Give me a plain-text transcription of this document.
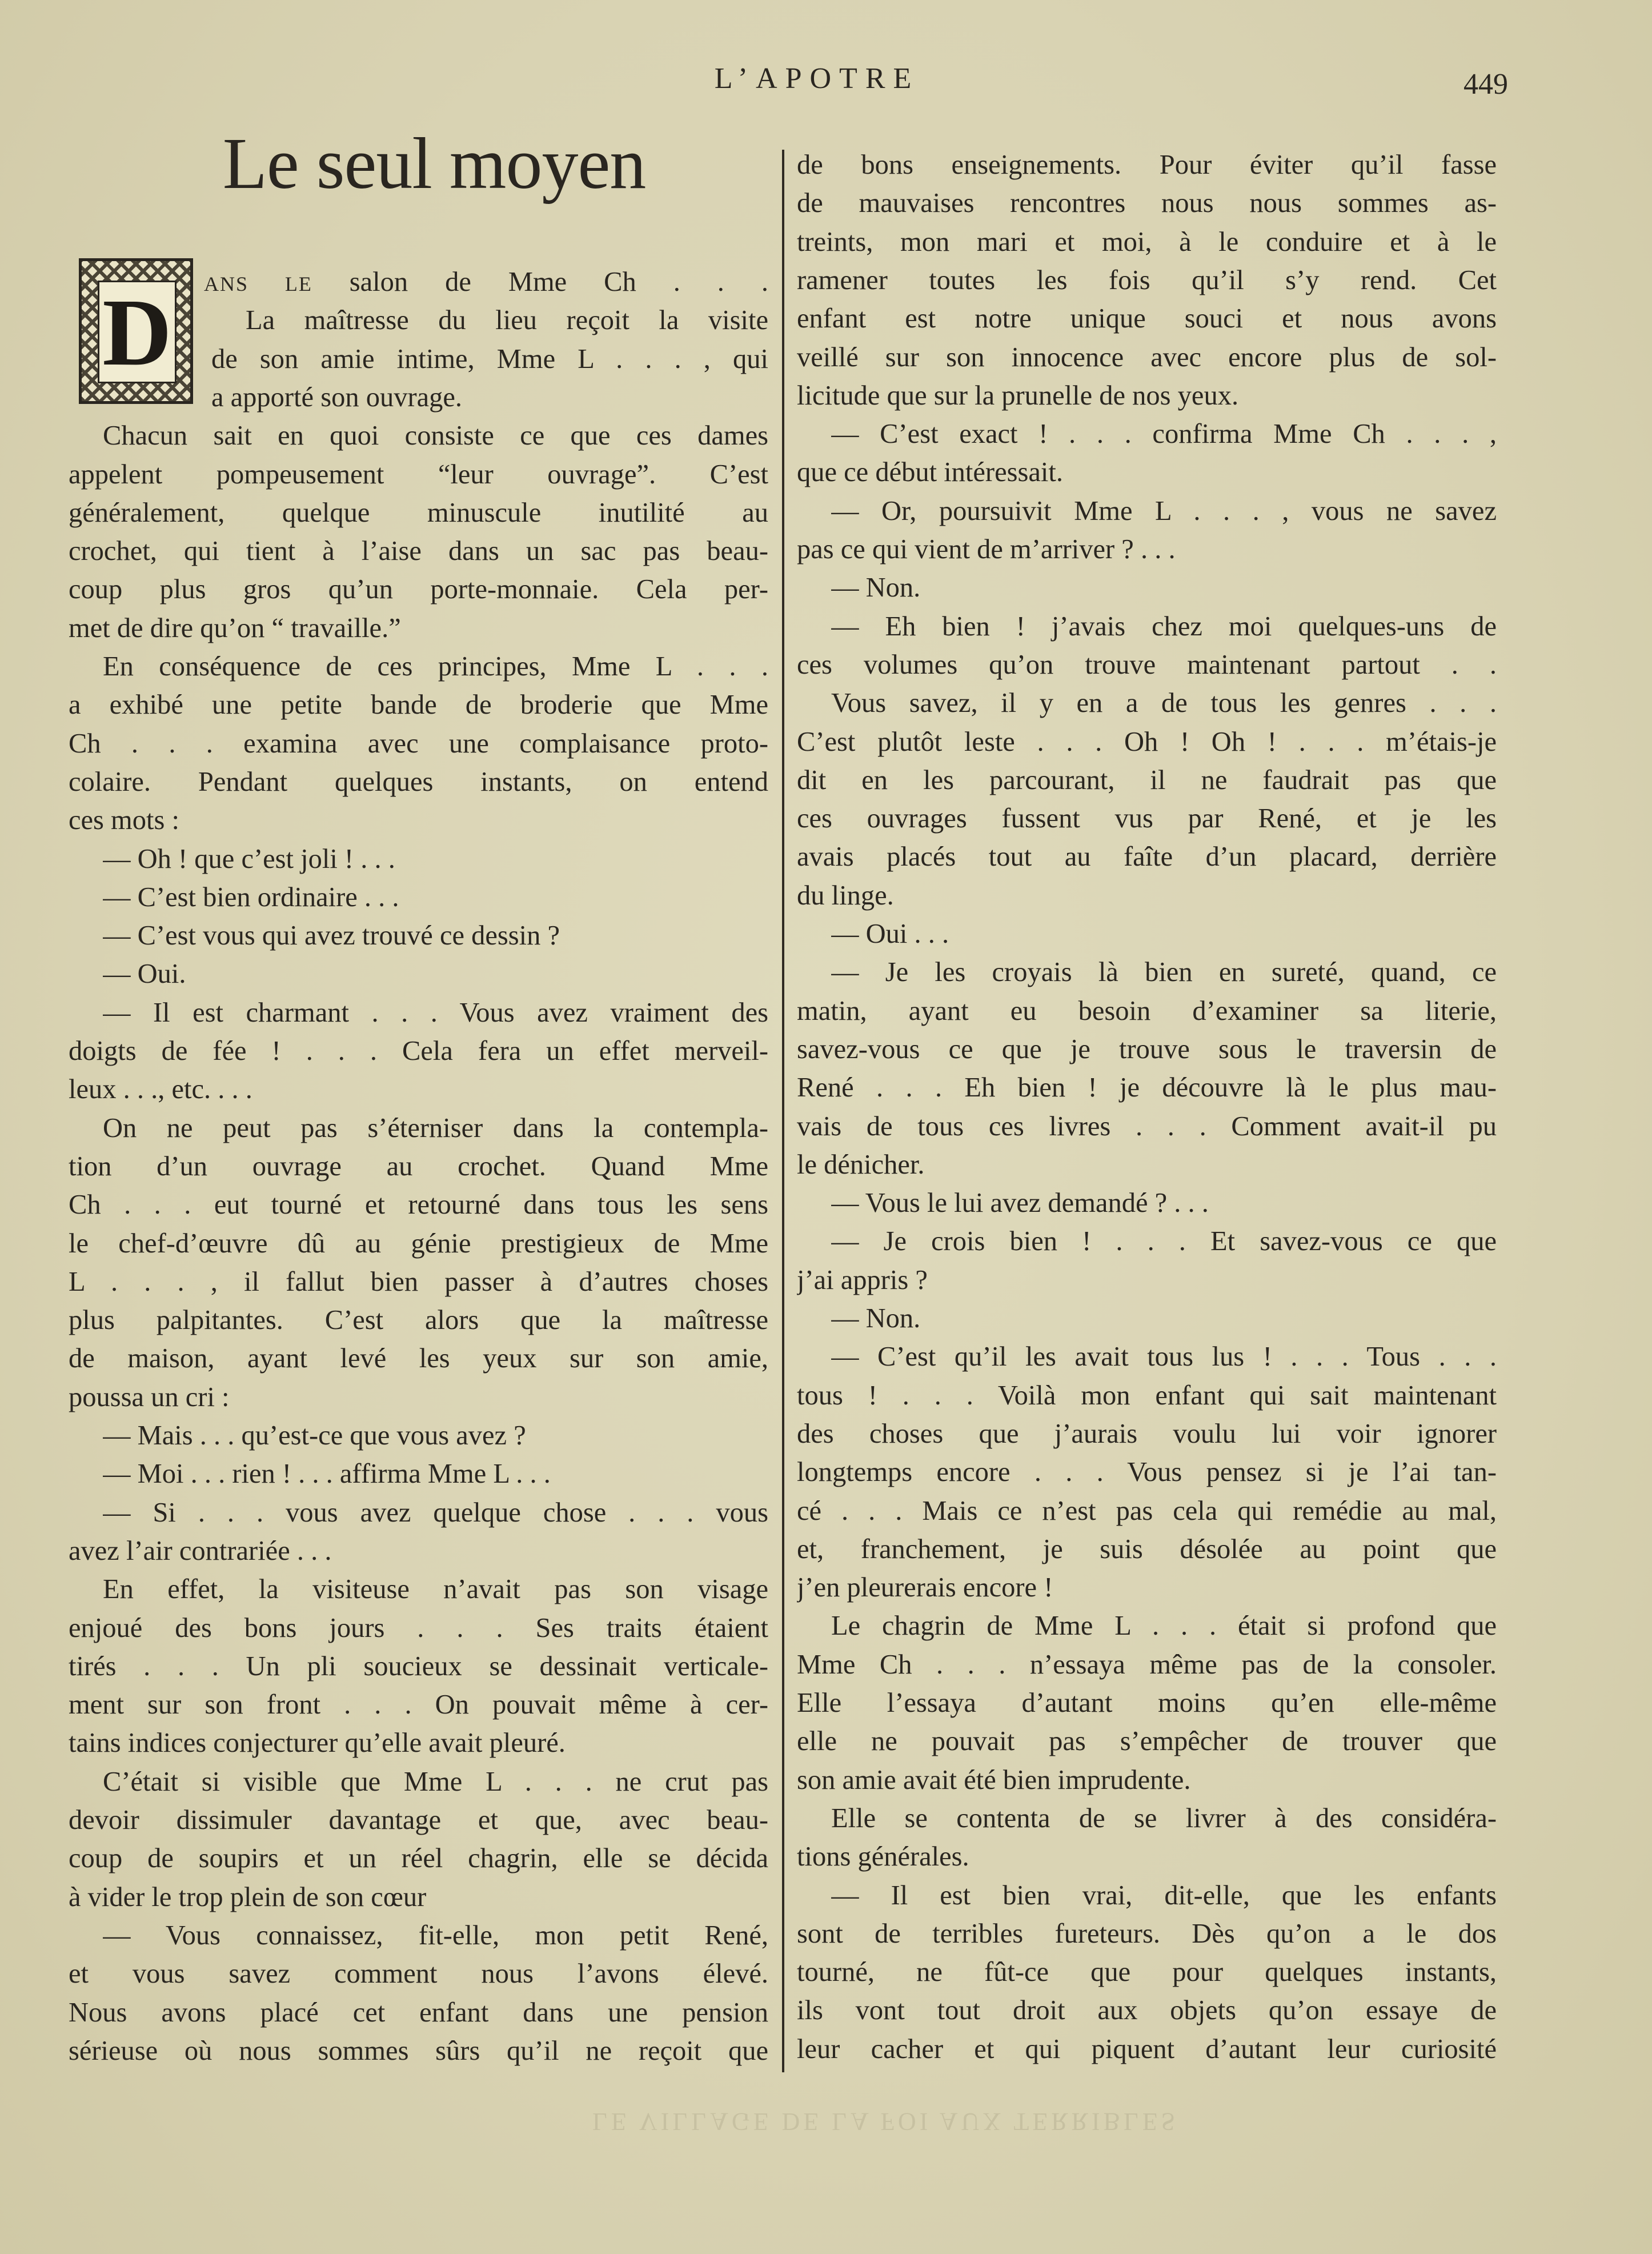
L’APOTRE	449
Le seul moyen
D ANS LE salon de Mme Ch . . .
La maîtresse du lieu reçoit la visite
de son amie intime, Mme L . . . , qui
a apporté son ouvrage.
Chacun sait en quoi consiste ce que ces dames
appelent pompeusement “leur ouvrage”. C’est
généralement, quelque minuscule inutilité au
crochet, qui tient à l’aise dans un sac pas beau-
coup plus gros qu’un porte-monnaie. Cela per-
met de dire qu’on “ travaille.”
En conséquence de ces principes, Mme L . . .
a exhibé une petite bande de broderie que Mme
Ch . . . examina avec une complaisance proto-
colaire. Pendant quelques instants, on entend
ces mots :
— Oh ! que c’est joli ! . . .
— C’est bien ordinaire . . .
— C’est vous qui avez trouvé ce dessin ?
— Oui.
— Il est charmant . . . Vous avez vraiment des
doigts de fée ! . . . Cela fera un effet merveil-
leux . . ., etc. . . .
On ne peut pas s’éterniser dans la contempla-
tion d’un ouvrage au crochet. Quand Mme
Ch . . . eut tourné et retourné dans tous les sens
le chef-d’œuvre dû au génie prestigieux de Mme
L . . . , il fallut bien passer à d’autres choses
plus palpitantes. C’est alors que la maîtresse
de maison, ayant levé les yeux sur son amie,
poussa un cri :
— Mais . . . qu’est-ce que vous avez ?
— Moi . . . rien ! . . . affirma Mme L . . .
— Si . . . vous avez quelque chose . . . vous
avez l’air contrariée . . .
En effet, la visiteuse n’avait pas son visage
enjoué des bons jours . . . Ses traits étaient
tirés . . . Un pli soucieux se dessinait verticale-
ment sur son front . . . On pouvait même à cer-
tains indices conjecturer qu’elle avait pleuré.
C’était si visible que Mme L . . . ne crut pas
devoir dissimuler davantage et que, avec beau-
coup de soupirs et un réel chagrin, elle se décida
à vider le trop plein de son cœur
— Vous connaissez, fit-elle, mon petit René,
et vous savez comment nous l’avons élevé.
Nous avons placé cet enfant dans une pension
sérieuse où nous sommes sûrs qu’il ne reçoit que
de bons enseignements. Pour éviter qu’il fasse
de mauvaises rencontres nous nous sommes as-
treints, mon mari et moi, à le conduire et à le
ramener toutes les fois qu’il s’y rend. Cet
enfant est notre unique souci et nous avons
veillé sur son innocence avec encore plus de sol-
licitude que sur la prunelle de nos yeux.
— C’est exact ! . . . confirma Mme Ch . . . ,
que ce début intéressait.
— Or, poursuivit Mme L . . . , vous ne savez
pas ce qui vient de m’arriver ? . . .
— Non.
— Eh bien ! j’avais chez moi quelques-uns de
ces volumes qu’on trouve maintenant partout . .
Vous savez, il y en a de tous les genres . . .
C’est plutôt leste . . . Oh ! Oh ! . . . m’étais-je
dit en les parcourant, il ne faudrait pas que
ces ouvrages fussent vus par René, et je les
avais placés tout au faîte d’un placard, derrière
du linge.
— Oui . . .
— Je les croyais là bien en sureté, quand, ce
matin, ayant eu besoin d’examiner sa literie,
savez-vous ce que je trouve sous le traversin de
René . . . Eh bien ! je découvre là le plus mau-
vais de tous ces livres . . . Comment avait-il pu
le dénicher.
— Vous le lui avez demandé ? . . .
— Je crois bien ! . . . Et savez-vous ce que
j’ai appris ?
— Non.
— C’est qu’il les avait tous lus ! . . . Tous . . .
tous ! . . . Voilà mon enfant qui sait maintenant
des choses que j’aurais voulu lui voir ignorer
longtemps encore . . . Vous pensez si je l’ai tan-
cé . . . Mais ce n’est pas cela qui remédie au mal,
et, franchement, je suis désolée au point que
j’en pleurerais encore !
Le chagrin de Mme L . . . était si profond que
Mme Ch . . . n’essaya même pas de la consoler.
Elle l’essaya d’autant moins qu’en elle-même
elle ne pouvait pas s’empêcher de trouver que
son amie avait été bien imprudente.
Elle se contenta de se livrer à des considéra-
tions générales.
— Il est bien vrai, dit-elle, que les enfants
sont de terribles fureteurs. Dès qu’on a le dos
tourné, ne fût-ce que pour quelques instants,
ils vont tout droit aux objets qu’on essaye de
leur cacher et qui piquent d’autant leur curiosité
LE VILLAGE DE LA FOI AUX TERRIBLES
